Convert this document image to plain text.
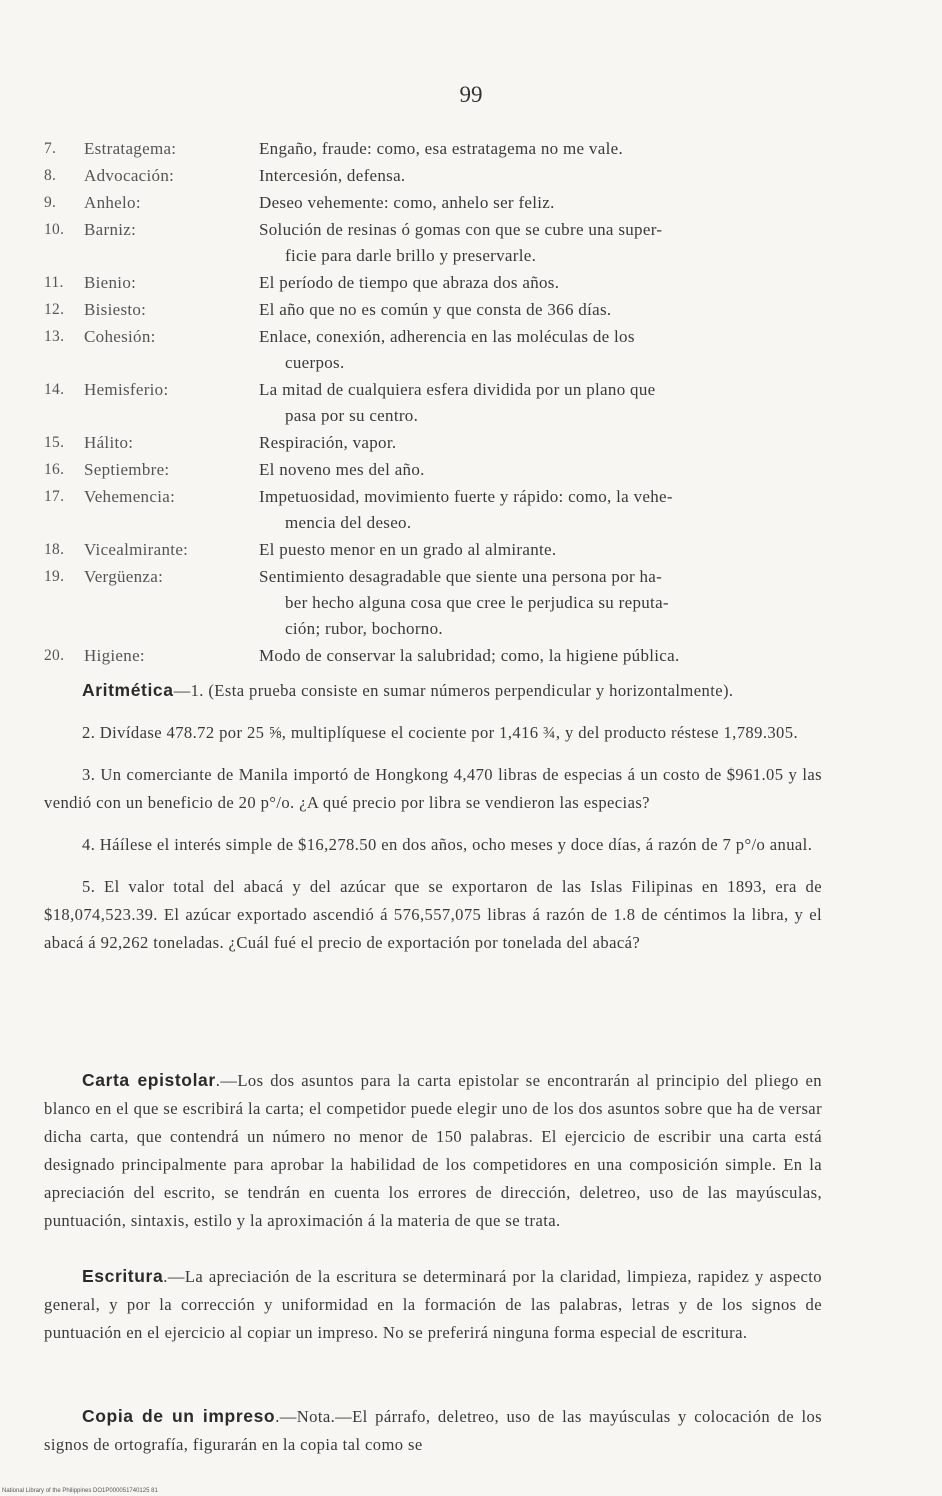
99
7.	Estratagema:	Engaño, fraude: como, esa estratagema no me vale.
8.	Advocación:	Intercesión, defensa.
9.	Anhelo:	Deseo vehemente: como, anhelo ser feliz.
10.	Barniz:	Solución de resinas ó gomas con que se cubre una super-
ficie para darle brillo y preservarle.
11.	Bienio:	El período de tiempo que abraza dos años.
12.	Bisiesto:	El año que no es común y que consta de 366 días.
13.	Cohesión:	Enlace, conexión, adherencia en las moléculas de los
cuerpos.
14.	Hemisferio:	La mitad de cualquiera esfera dividida por un plano que
pasa por su centro.
15.	Hálito:	Respiración, vapor.
16.	Septiembre:	El noveno mes del año.
17.	Vehemencia:	Impetuosidad, movimiento fuerte y rápido: como, la vehe-
mencia del deseo.
18.	Vicealmirante:	El puesto menor en un grado al almirante.
19.	Vergüenza:	Sentimiento desagradable que siente una persona por ha-
ber hecho alguna cosa que cree le perjudica su reputa-
ción; rubor, bochorno.
20.	Higiene:	Modo de conservar la salubridad; como, la higiene pública.

Aritmética—1. (Esta prueba consiste en sumar números perpendicular y horizontalmente).

2. Divídase 478.72 por 25 ⅝, multiplíquese el cociente por 1,416 ¾, y del producto réstese 1,789.305.

3. Un comerciante de Manila importó de Hongkong 4,470 libras de especias á un costo de $961.05 y las vendió con un beneficio de 20 p°/o. ¿A qué precio por libra se vendieron las especias?

4. Háílese el interés simple de $16,278.50 en dos años, ocho meses y doce días, á razón de 7 p°/o anual.

5. El valor total del abacá y del azúcar que se exportaron de las Islas Filipinas en 1893, era de $18,074,523.39. El azúcar exportado ascendió á 576,557,075 libras á razón de 1.8 de céntimos la libra, y el abacá á 92,262 toneladas. ¿Cuál fué el precio de exportación por tonelada del abacá?

Carta epistolar.—Los dos asuntos para la carta epistolar se encontrarán al principio del pliego en blanco en el que se escribirá la carta; el competidor puede elegir uno de los dos asuntos sobre que ha de versar dicha carta, que contendrá un número no menor de 150 palabras. El ejercicio de escribir una carta está designado principalmente para aprobar la habilidad de los competidores en una composición simple. En la apreciación del escrito, se tendrán en cuenta los errores de dirección, deletreo, uso de las mayúsculas, puntuación, sintaxis, estilo y la aproximación á la materia de que se trata.

Escritura.—La apreciación de la escritura se determinará por la claridad, limpieza, rapidez y aspecto general, y por la corrección y uniformidad en la formación de las palabras, letras y de los signos de puntuación en el ejercicio al copiar un impreso. No se preferirá ninguna forma especial de escritura.

Copia de un impreso.—Nota.—El párrafo, deletreo, uso de las mayúsculas y colocación de los signos de ortografía, figurarán en la copia tal como se

National Library of the Philippines DO1P000051740125 81
